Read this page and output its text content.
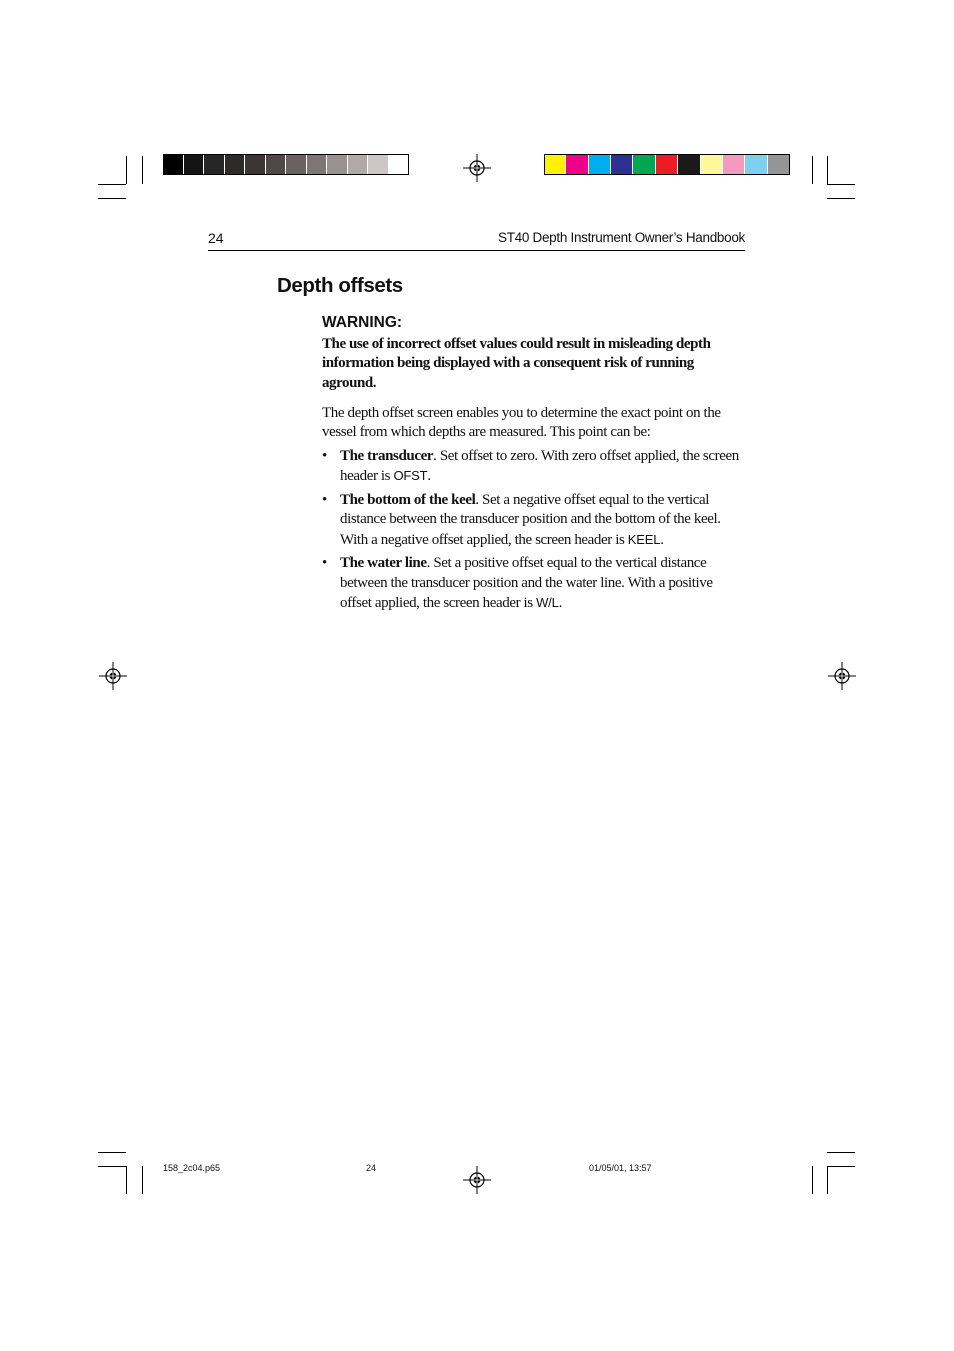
24	ST40 Depth Instrument Owner’s Handbook
Depth offsets
WARNING:

The use of incorrect offset values could result in misleading depth information being displayed with a consequent risk of running aground.

The depth offset screen enables you to determine the exact point on the vessel from which depths are measured. This point can be:

• The transducer. Set offset to zero. With zero offset applied, the screen header is OFST.
• The bottom of the keel. Set a negative offset equal to the vertical distance between the transducer position and the bottom of the keel. With a negative offset applied, the screen header is KEEL.
• The water line. Set a positive offset equal to the vertical distance between the transducer position and the water line. With a positive offset applied, the screen header is W/L.
158_2c04.p65	24	01/05/01, 13:57
